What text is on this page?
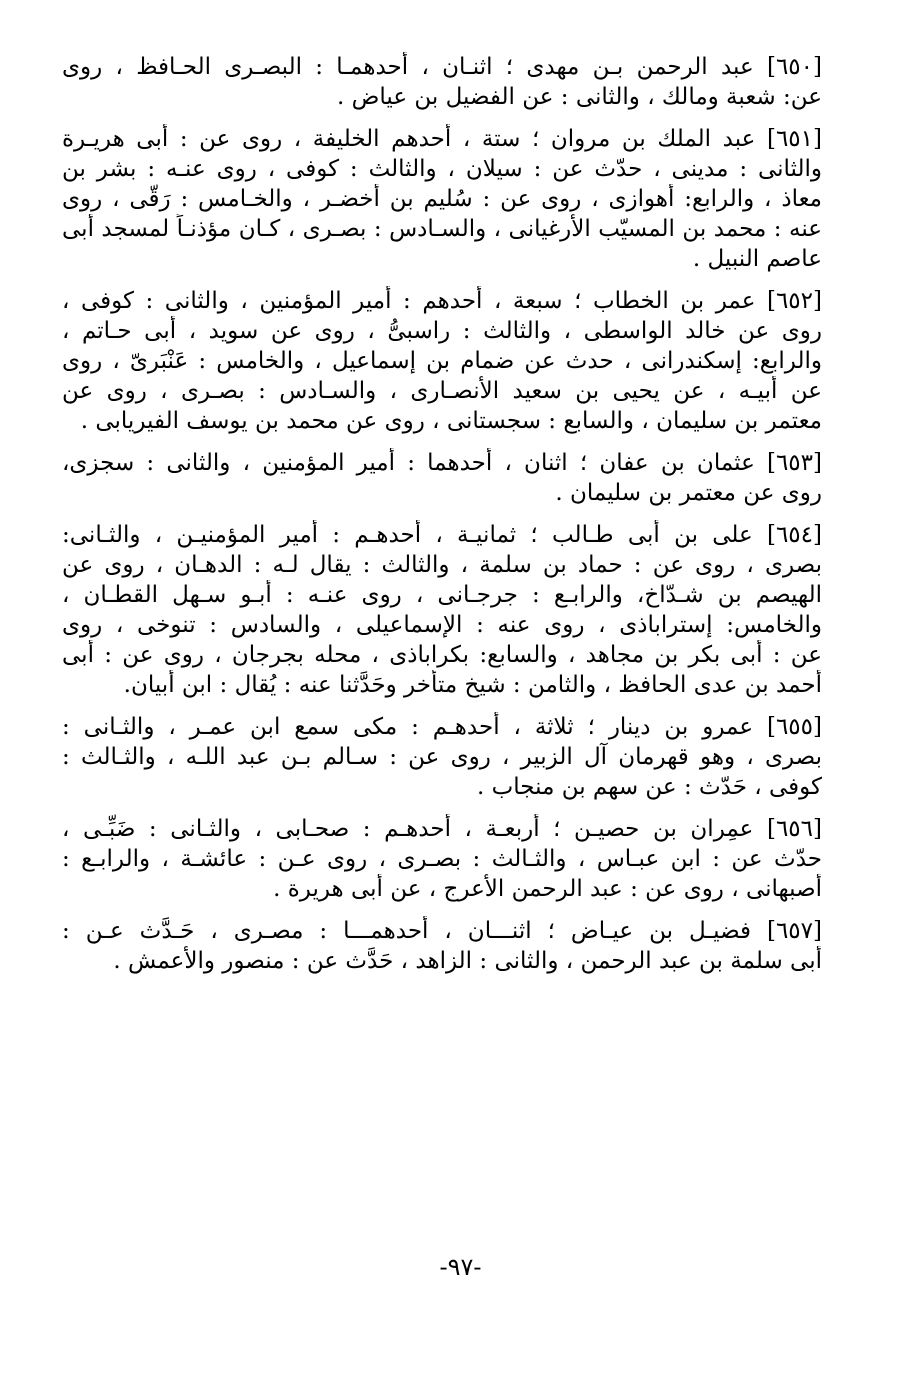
[٦٥٠] عبد الرحمن بـن مهدى ؛ اثنـان ، أحدهمـا : البصـرى الحـافظ ، روى
عن: شعبة ومالك ، والثانى : عن الفضيل بن عياض .
[٦٥١] عبد الملك بن مروان ؛ ستة ، أحدهم الخليفة ، روى عن : أبى هريـرة
والثانى : مدينى ، حدّث عن : سيلان ، والثالث : كوفى ، روى عنـه : بشر بن
معاذ ، والرابع: أهوازى ، روى عن : سُليم بن أخضـر ، والخـامس : رَقّى ، روى
عنه : محمد بن المسيّب الأرغيانى ، والسـادس : بصـرى ، كـان مؤذنـاً لمسجد أبى
عاصم النبيل .
[٦٥٢] عمر بن الخطاب ؛ سبعة ، أحدهم : أمير المؤمنين ، والثانى : كوفى ،
روى عن خالد الواسطى ، والثالث : راسبىُّ ، روى عن سويد ، أبى حـاتم ،
والرابع: إسكندرانى ، حدث عن ضمام بن إسماعيل ، والخامس : عَنْبَرىّ ، روى
عن أبيـه ، عن يحيى بن سعيد الأنصـارى ، والسـادس : بصـرى ، روى عن
معتمر بن سليمان ، والسابع : سجستانى ، روى عن محمد بن يوسف الفيريابى .
[٦٥٣] عثمان بن عفان ؛ اثنان ، أحدهما : أمير المؤمنين ، والثانى : سجزى،
روى عن معتمر بن سليمان .
[٦٥٤] على بن أبى طـالب ؛ ثمانيـة ، أحدهـم : أمير المؤمنيـن ، والثـانى:
بصرى ، روى عن : حماد بن سلمة ، والثالث : يقال لـه : الدهـان ، روى عن
الهيصم بن شـدّاخ، والرابـع : جرجـانى ، روى عنـه : أبـو سـهل القطـان ،
والخامس: إستراباذى ، روى عنه : الإسماعيلى ، والسادس : تنوخى ، روى
عن : أبى بكر بن مجاهد ، والسابع: بكراباذى ، محله بجرجان ، روى عن : أبى
أحمد بن عدى الحافظ ، والثامن : شيخ متأخر وحَدَّثنا عنه : يُقال : ابن أبيان.
[٦٥٥] عمرو بن دينار ؛ ثلاثة ، أحدهـم : مكى سمع ابن عمـر ، والثـانى :
بصرى ، وهو قهرمان آل الزبير ، روى عن : سـالم بـن عبد اللـه ، والثـالث :
كوفى ، حَدّث : عن سهم بن منجاب .
[٦٥٦] عمِران بن حصيـن ؛ أربعـة ، أحدهـم : صحـابى ، والثـانى : ضَبِّـى ،
حدّث عن : ابن عبـاس ، والثـالث : بصـرى ، روى عـن : عائشـة ، والرابـع :
أصبهانى ، روى عن : عبد الرحمن الأعرج ، عن أبى هريرة .
[٦٥٧] فضيـل بن عيـاض ؛ اثنـــان ، أحدهمـــا : مصـرى ، حَـدَّث عـن :
أبى سلمة بن عبد الرحمن ، والثانى : الزاهد ، حَدَّث عن : منصور والأعمش .
-٩٧-
